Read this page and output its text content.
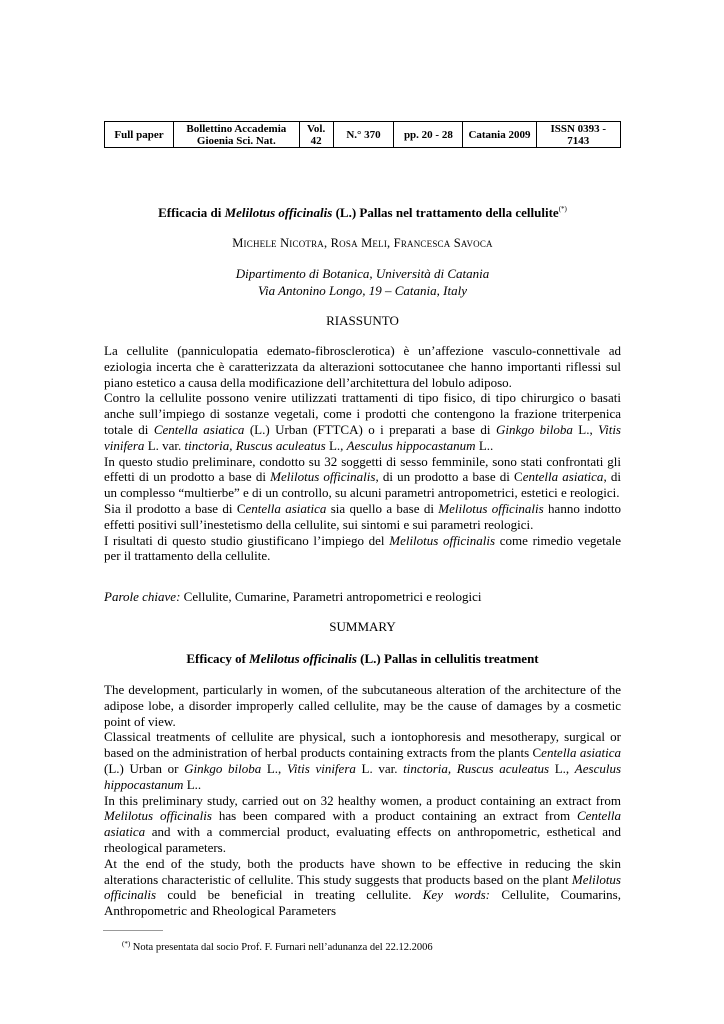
Full paper	Bollettino Accademia Gioenia Sci. Nat.	Vol. 42	N.° 370	pp. 20 - 28	Catania 2009	ISSN 0393 - 7143
Efficacia di Melilotus officinalis (L.) Pallas nel trattamento della cellulite(*)
Michele Nicotra, Rosa Meli, Francesca Savoca
Dipartimento di Botanica, Università di Catania
Via Antonino Longo, 19 – Catania, Italy
RIASSUNTO

La cellulite (panniculopatia edemato-fibrosclerotica) è un’affezione vasculo-connettivale ad eziologia incerta che è caratterizzata da alterazioni sottocutanee che hanno importanti riflessi sul piano estetico a causa della modificazione dell’architettura del lobulo adiposo.

Contro la cellulite possono venire utilizzati trattamenti di tipo fisico, di tipo chirurgico o basati anche sull’impiego di sostanze vegetali, come i prodotti che contengono la frazione triterpenica totale di Centella asiatica (L.) Urban (FTTCA) o i preparati a base di Ginkgo biloba L., Vitis vinifera L. var. tinctoria, Ruscus aculeatus L., Aesculus hippocastanum L..

In questo studio preliminare, condotto su 32 soggetti di sesso femminile, sono stati confrontati gli effetti di un prodotto a base di Melilotus officinalis, di un prodotto a base di Centella asiatica, di un complesso “multierbe” e di un controllo, su alcuni parametri antropometrici, estetici e reologici.

Sia il prodotto a base di Centella asiatica sia quello a base di Melilotus officinalis hanno indotto effetti positivi sull’inestetismo della cellulite, sui sintomi e sui parametri reologici.

I risultati di questo studio giustificano l’impiego del Melilotus officinalis come rimedio vegetale per il trattamento della cellulite.

Parole chiave: Cellulite, Cumarine, Parametri antropometrici e reologici
SUMMARY
Efficacy of Melilotus officinalis (L.) Pallas in cellulitis treatment

The development, particularly in women, of the subcutaneous alteration of the architecture of the adipose lobe, a disorder improperly called cellulite, may be the cause of damages by a cosmetic point of view.

Classical treatments of cellulite are physical, such a iontophoresis and mesotherapy, surgical or based on the administration of herbal products containing extracts from the plants Centella asiatica (L.) Urban or Ginkgo biloba L., Vitis vinifera L. var. tinctoria, Ruscus aculeatus L., Aesculus hippocastanum L..

In this preliminary study, carried out on 32 healthy women, a product containing an extract from Melilotus officinalis has been compared with a product containing an extract from Centella asiatica and with a commercial product, evaluating effects on anthropometric, esthetical and rheological parameters.

At the end of the study, both the products have shown to be effective in reducing the skin alterations characteristic of cellulite. This study suggests that products based on the plant Melilotus officinalis could be beneficial in treating cellulite. Key words: Cellulite, Coumarins, Anthropometric and Rheological Parameters

(*) Nota presentata dal socio Prof. F. Furnari nell’adunanza del 22.12.2006
